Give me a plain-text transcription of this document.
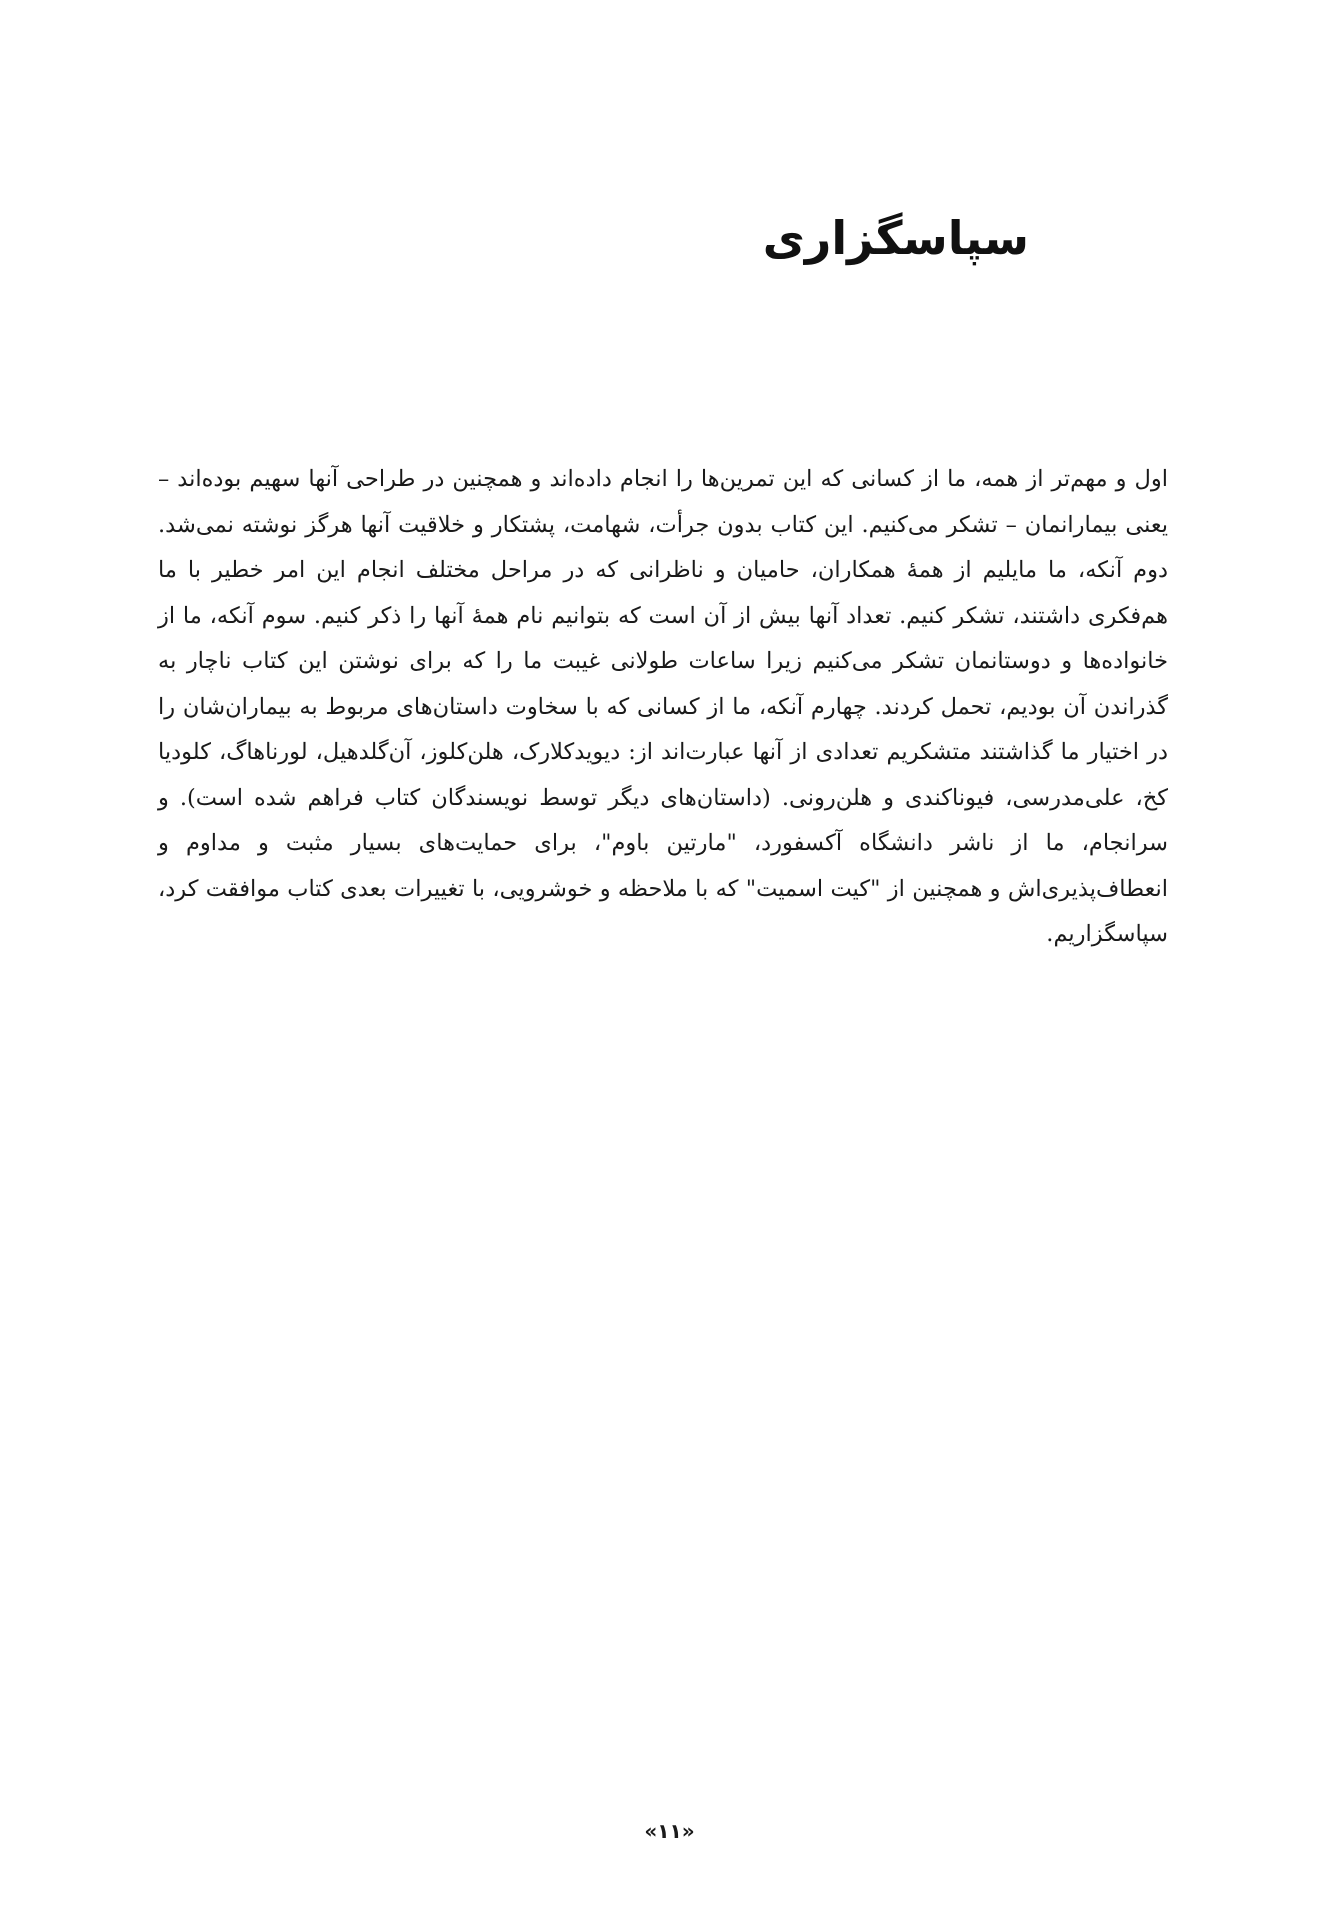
سپاسگزاری

اول و مهم‌تر از همه، ما از کسانی که این تمرین‌ها را انجام داده‌اند و همچنین در طراحی آنها سهیم بوده‌اند – یعنی بیمارانمان – تشکر می‌کنیم. این کتاب بدون جرأت، شهامت، پشتکار و خلاقیت آنها هرگز نوشته نمی‌شد. دوم آنکه، ما مایلیم از همهٔ همکاران، حامیان و ناظرانی که در مراحل مختلف انجام این امر خطیر با ما هم‌فکری داشتند، تشکر کنیم. تعداد آنها بیش از آن است که بتوانیم نام همهٔ آنها را ذکر کنیم. سوم آنکه، ما از خانواده‌ها و دوستانمان تشکر می‌کنیم زیرا ساعات طولانی غیبت ما را که برای نوشتن این کتاب ناچار به گذراندن آن بودیم، تحمل کردند. چهارم آنکه، ما از کسانی که با سخاوت داستان‌های مربوط به بیماران‌شان را در اختیار ما گذاشتند متشکریم تعدادی از آنها عبارت‌اند از: دیویدکلارک، هلن‌کلوز، آن‌گلدهیل، لورناهاگ، کلودیا کخ، علی‌مدرسی، فیوناکندی و هلن‌رونی. (داستان‌های دیگر توسط نویسندگان کتاب فراهم شده است). و سرانجام، ما از ناشر دانشگاه آکسفورد، "مارتین باوم"، برای حمایت‌های بسیار مثبت و مداوم و انعطاف‌پذیری‌اش و همچنین از "کیت اسمیت" که با ملاحظه و خوشرویی، با تغییرات بعدی کتاب موافقت کرد، سپاسگزاریم.

«۱۱»
